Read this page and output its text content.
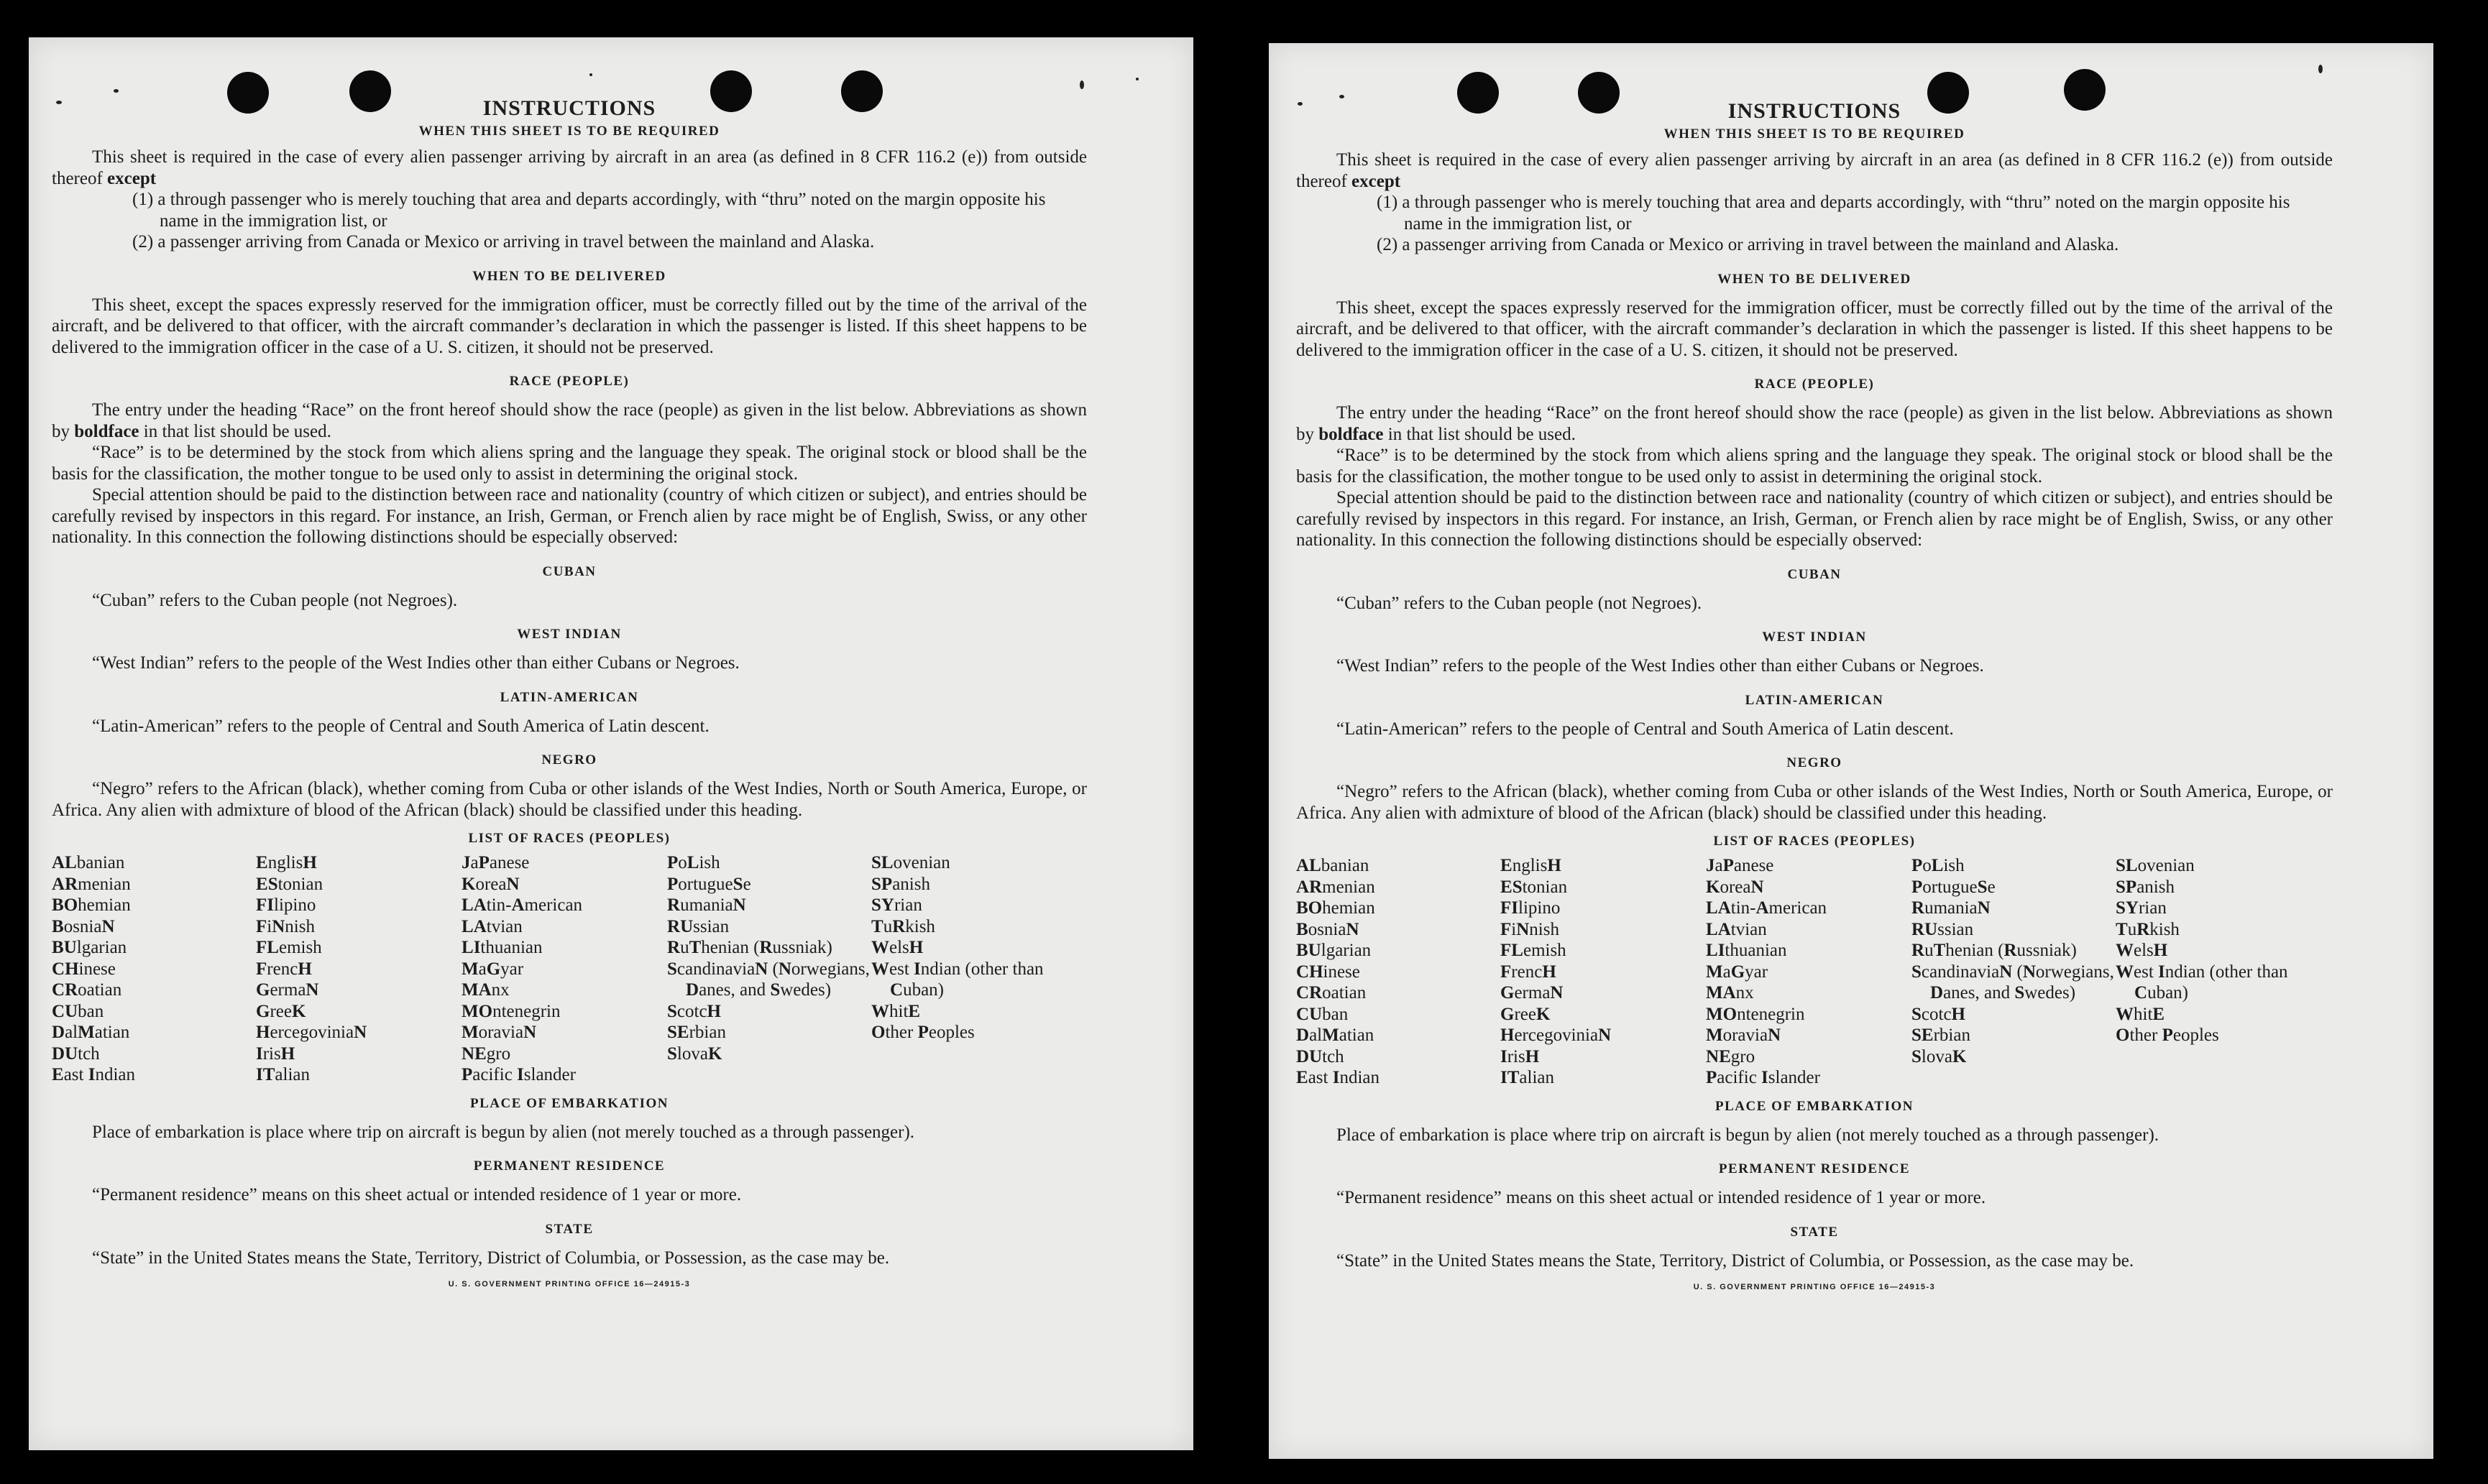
INSTRUCTIONS

WHEN THIS SHEET IS TO BE REQUIRED

This sheet is required in the case of every alien passenger arriving by aircraft in an area (as defined in 8 CFR 116.2 (e)) from outside thereof except

(1) a through passenger who is merely touching that area and departs accordingly, with “thru” noted on the margin opposite his name in the immigration list, or

(2) a passenger arriving from Canada or Mexico or arriving in travel between the mainland and Alaska.

WHEN TO BE DELIVERED

This sheet, except the spaces expressly reserved for the immigration officer, must be correctly filled out by the time of the arrival of the aircraft, and be delivered to that officer, with the aircraft commander’s declaration in which the passenger is listed. If this sheet happens to be delivered to the immigration officer in the case of a U. S. citizen, it should not be preserved.

RACE (PEOPLE)

The entry under the heading “Race” on the front hereof should show the race (people) as given in the list below. Abbreviations as shown by boldface in that list should be used.

“Race” is to be determined by the stock from which aliens spring and the language they speak. The original stock or blood shall be the basis for the classification, the mother tongue to be used only to assist in determining the original stock.

Special attention should be paid to the distinction between race and nationality (country of which citizen or subject), and entries should be carefully revised by inspectors in this regard. For instance, an Irish, German, or French alien by race might be of English, Swiss, or any other nationality. In this connection the following distinctions should be especially observed:

CUBAN

“Cuban” refers to the Cuban people (not Negroes).

WEST INDIAN

“West Indian” refers to the people of the West Indies other than either Cubans or Negroes.

LATIN-AMERICAN

“Latin-American” refers to the people of Central and South America of Latin descent.

NEGRO

“Negro” refers to the African (black), whether coming from Cuba or other islands of the West Indies, North or South America, Europe, or Africa. Any alien with admixture of blood of the African (black) should be classified under this heading.

LIST OF RACES (PEOPLES)

ALbanian
ARmenian
BOhemian
BosniaN
BUlgarian
CHinese
CRoatian
CUban
DalMatian
DUtch
East Indian
EnglisH
EStonian
FIlipino
FiNnish
FLemish
FrencH
GermaN
GreeK
HercegoviniaN
IrisH
ITalian
JaPanese
KoreaN
LAtin-American
LAtvian
LIthuanian
MaGyar
MAnx
MOntenegrin
MoraviaN
NEgro
Pacific Islander
PoLish
PortugueSe
RumaniaN
RUssian
RuThenian (Russniak)
ScandinaviaN (Norwegians, Danes, and Swedes)
ScotcH
SErbian
SlovaK
SLovenian
SPanish
SYrian
TuRkish
WelsH
West Indian (other than Cuban)
WhitE
Other Peoples

PLACE OF EMBARKATION

Place of embarkation is place where trip on aircraft is begun by alien (not merely touched as a through passenger).

PERMANENT RESIDENCE

“Permanent residence” means on this sheet actual or intended residence of 1 year or more.

STATE

“State” in the United States means the State, Territory, District of Columbia, or Possession, as the case may be.

U. S. GOVERNMENT PRINTING OFFICE 16—24915-3

INSTRUCTIONS

WHEN THIS SHEET IS TO BE REQUIRED

This sheet is required in the case of every alien passenger arriving by aircraft in an area (as defined in 8 CFR 116.2 (e)) from outside thereof except

(1) a through passenger who is merely touching that area and departs accordingly, with “thru” noted on the margin opposite his name in the immigration list, or

(2) a passenger arriving from Canada or Mexico or arriving in travel between the mainland and Alaska.

WHEN TO BE DELIVERED

This sheet, except the spaces expressly reserved for the immigration officer, must be correctly filled out by the time of the arrival of the aircraft, and be delivered to that officer, with the aircraft commander’s declaration in which the passenger is listed. If this sheet happens to be delivered to the immigration officer in the case of a U. S. citizen, it should not be preserved.

RACE (PEOPLE)

The entry under the heading “Race” on the front hereof should show the race (people) as given in the list below. Abbreviations as shown by boldface in that list should be used.

“Race” is to be determined by the stock from which aliens spring and the language they speak. The original stock or blood shall be the basis for the classification, the mother tongue to be used only to assist in determining the original stock.

Special attention should be paid to the distinction between race and nationality (country of which citizen or subject), and entries should be carefully revised by inspectors in this regard. For instance, an Irish, German, or French alien by race might be of English, Swiss, or any other nationality. In this connection the following distinctions should be especially observed:

CUBAN

“Cuban” refers to the Cuban people (not Negroes).

WEST INDIAN

“West Indian” refers to the people of the West Indies other than either Cubans or Negroes.

LATIN-AMERICAN

“Latin-American” refers to the people of Central and South America of Latin descent.

NEGRO

“Negro” refers to the African (black), whether coming from Cuba or other islands of the West Indies, North or South America, Europe, or Africa. Any alien with admixture of blood of the African (black) should be classified under this heading.

LIST OF RACES (PEOPLES)

ALbanian
ARmenian
BOhemian
BosniaN
BUlgarian
CHinese
CRoatian
CUban
DalMatian
DUtch
East Indian
EnglisH
EStonian
FIlipino
FiNnish
FLemish
FrencH
GermaN
GreeK
HercegoviniaN
IrisH
ITalian
JaPanese
KoreaN
LAtin-American
LAtvian
LIthuanian
MaGyar
MAnx
MOntenegrin
MoraviaN
NEgro
Pacific Islander
PoLish
PortugueSe
RumaniaN
RUssian
RuThenian (Russniak)
ScandinaviaN (Norwegians, Danes, and Swedes)
ScotcH
SErbian
SlovaK
SLovenian
SPanish
SYrian
TuRkish
WelsH
West Indian (other than Cuban)
WhitE
Other Peoples

PLACE OF EMBARKATION

Place of embarkation is place where trip on aircraft is begun by alien (not merely touched as a through passenger).

PERMANENT RESIDENCE

“Permanent residence” means on this sheet actual or intended residence of 1 year or more.

STATE

“State” in the United States means the State, Territory, District of Columbia, or Possession, as the case may be.

U. S. GOVERNMENT PRINTING OFFICE 16—24915-3
